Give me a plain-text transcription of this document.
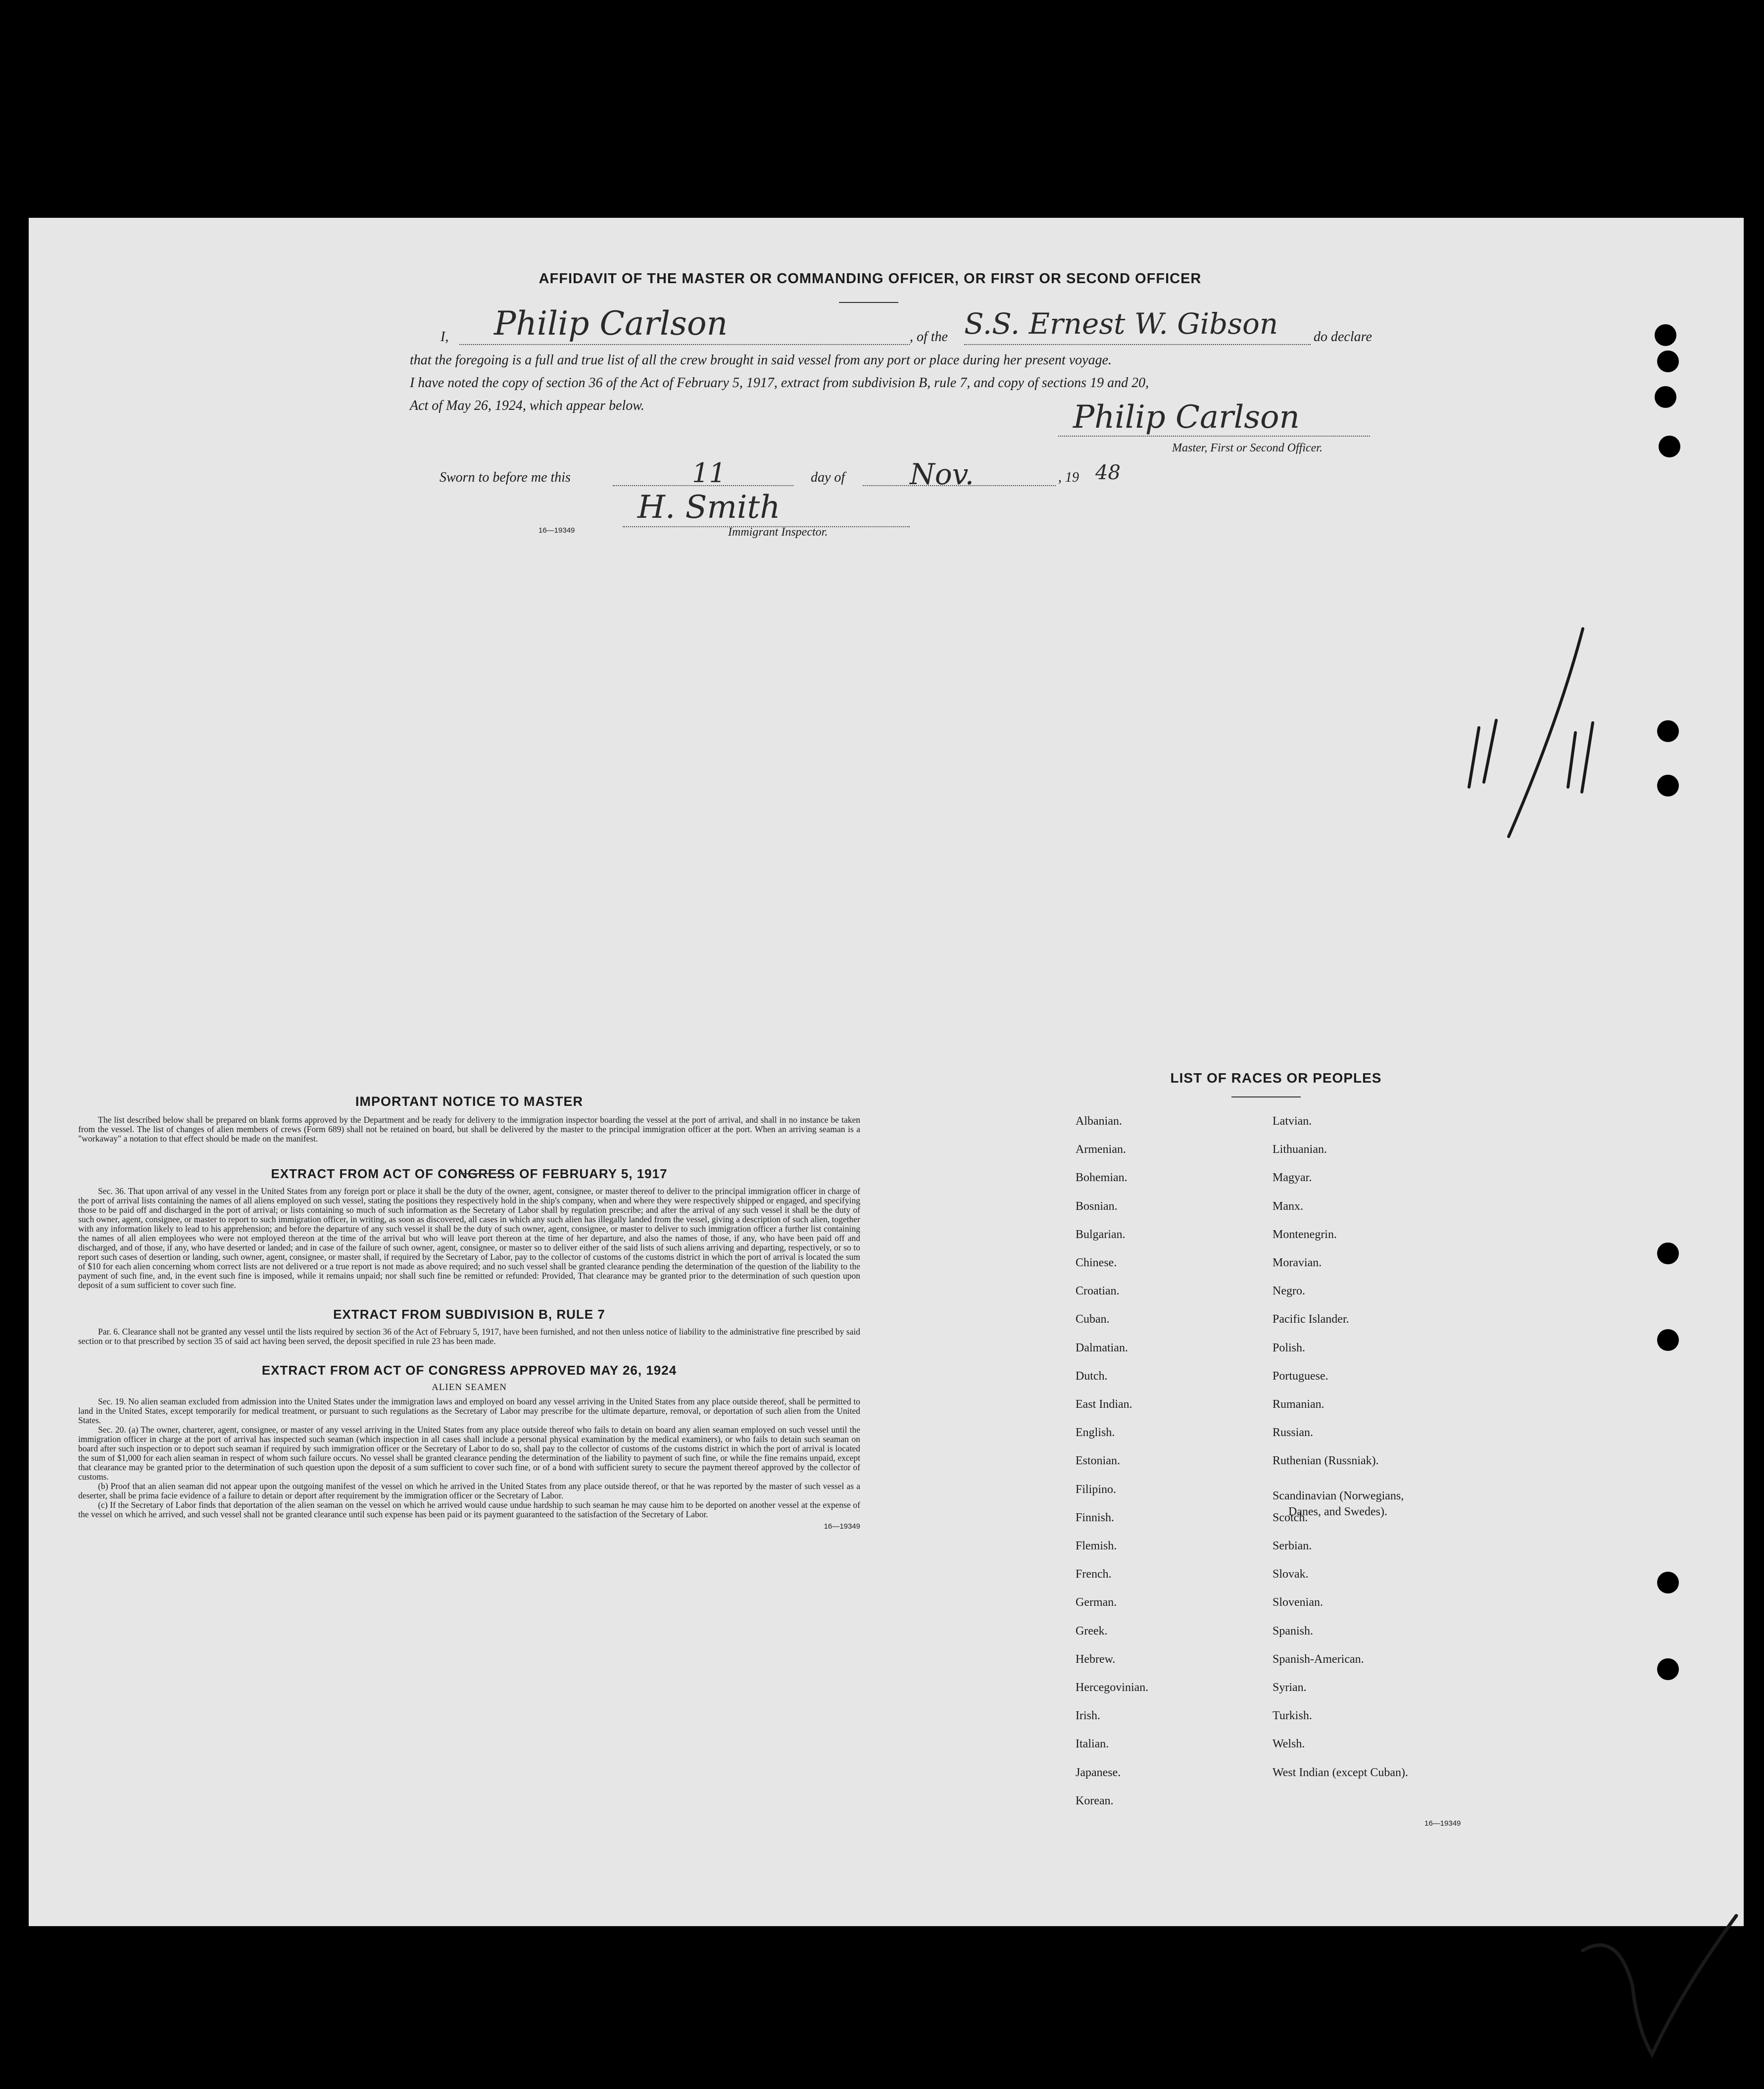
AFFIDAVIT OF THE MASTER OR COMMANDING OFFICER, OR FIRST OR SECOND OFFICER
I, Philip Carlson	, of the S.S. Ernest W. Gibson	do declare
that the foregoing is a full and true list of all the crew brought in said vessel from any port or place during her present voyage.
I have noted the copy of section 36 of the Act of February 5, 1917, extract from subdivision B, rule 7, and copy of sections 19 and 20,
Act of May 26, 1924, which appear below.	Philip Carlson
Master, First or Second Officer.
Sworn to before me this	11	day of Nov.	, 19 48
16—19349
H. Smith
Immigrant Inspector.
IMPORTANT NOTICE TO MASTER
The list described below shall be prepared on blank forms approved by the Department and be ready for delivery to the immigration inspector boarding the vessel at the port of arrival, and shall in no instance be taken from the vessel. The list of changes of alien members of crews (Form 689) shall not be retained on board, but shall be delivered by the master to the principal immigration officer at the port. When an arriving seaman is a "workaway" a notation to that effect should be made on the manifest.
EXTRACT FROM ACT OF CONGRESS OF FEBRUARY 5, 1917
Sec. 36. That upon arrival of any vessel in the United States from any foreign port or place it shall be the duty of the owner, agent, consignee, or master thereof to deliver to the principal immigration officer in charge of the port of arrival lists containing the names of all aliens employed on such vessel, stating the positions they respectively hold in the ship's company, when and where they were respectively shipped or engaged, and specifying those to be paid off and discharged in the port of arrival; or lists containing so much of such information as the Secretary of Labor shall by regulation prescribe; and after the arrival of any such vessel it shall be the duty of such owner, agent, consignee, or master to report to such immigration officer, in writing, as soon as discovered, all cases in which any such alien has illegally landed from the vessel, giving a description of such alien, together with any information likely to lead to his apprehension; and before the departure of any such vessel it shall be the duty of such owner, agent, consignee, or master to deliver to such immigration officer a further list containing the names of all alien employees who were not employed thereon at the time of the arrival but who will leave port thereon at the time of her departure, and also the names of those, if any, who have been paid off and discharged, and of those, if any, who have deserted or landed; and in case of the failure of such owner, agent, consignee, or master so to deliver either of the said lists of such aliens arriving and departing, respectively, or so to report such cases of desertion or landing, such owner, agent, consignee, or master shall, if required by the Secretary of Labor, pay to the collector of customs of the customs district in which the port of arrival is located the sum of $10 for each alien concerning whom correct lists are not delivered or a true report is not made as above required; and no such vessel shall be granted clearance pending the determination of the question of the liability to the payment of such fine, and, in the event such fine is imposed, while it remains unpaid; nor shall such fine be remitted or refunded: Provided, That clearance may be granted prior to the determination of such question upon deposit of a sum sufficient to cover such fine.
EXTRACT FROM SUBDIVISION B, RULE 7
Par. 6. Clearance shall not be granted any vessel until the lists required by section 36 of the Act of February 5, 1917, have been furnished, and not then unless notice of liability to the administrative fine prescribed by said section or to that prescribed by section 35 of said act having been served, the deposit specified in rule 23 has been made.
EXTRACT FROM ACT OF CONGRESS APPROVED MAY 26, 1924
ALIEN SEAMEN
Sec. 19. No alien seaman excluded from admission into the United States under the immigration laws and employed on board any vessel arriving in the United States from any place outside thereof, shall be permitted to land in the United States, except temporarily for medical treatment, or pursuant to such regulations as the Secretary of Labor may prescribe for the ultimate departure, removal, or deportation of such alien from the United States.
Sec. 20. (a) The owner, charterer, agent, consignee, or master of any vessel arriving in the United States from any place outside thereof who fails to detain on board any alien seaman employed on such vessel until the immigration officer in charge at the port of arrival has inspected such seaman (which inspection in all cases shall include a personal physical examination by the medical examiners), or who fails to detain such seaman on board after such inspection or to deport such seaman if required by such immigration officer or the Secretary of Labor to do so, shall pay to the collector of customs of the customs district in which the port of arrival is located the sum of $1,000 for each alien seaman in respect of whom such failure occurs. No vessel shall be granted clearance pending the determination of the liability to payment of such fine, or while the fine remains unpaid, except that clearance may be granted prior to the determination of such question upon the deposit of a sum sufficient to cover such fine, or of a bond with sufficient surety to secure the payment thereof approved by the collector of customs.
(b) Proof that an alien seaman did not appear upon the outgoing manifest of the vessel on which he arrived in the United States from any place outside thereof, or that he was reported by the master of such vessel as a deserter, shall be prima facie evidence of a failure to detain or deport after requirement by the immigration officer or the Secretary of Labor.
(c) If the Secretary of Labor finds that deportation of the alien seaman on the vessel on which he arrived would cause undue hardship to such seaman he may cause him to be deported on another vessel at the expense of the vessel on which he arrived, and such vessel shall not be granted clearance until such expense has been paid or its payment guaranteed to the satisfaction of the Secretary of Labor.
16—19349
LIST OF RACES OR PEOPLES
16—19349
Albanian.
Armenian.
Bohemian.
Bosnian.
Bulgarian.
Chinese.
Croatian.
Cuban.
Dalmatian.
Dutch.
East Indian.
English.
Estonian.
Filipino.
Finnish.
Flemish.
French.
German.
Greek.
Hebrew.
Hercegovinian.
Irish.
Italian.
Japanese.
Korean.
Latvian.
Lithuanian.
Magyar.
Manx.
Montenegrin.
Moravian.
Negro.
Pacific Islander.
Polish.
Portuguese.
Rumanian.
Russian.
Ruthenian (Russniak).
Scandinavian (Norwegians,
Danes, and Swedes).
Scotch.
Serbian.
Slovak.
Slovenian.
Spanish.
Spanish-American.
Syrian.
Turkish.
Welsh.
West Indian (except Cuban).
